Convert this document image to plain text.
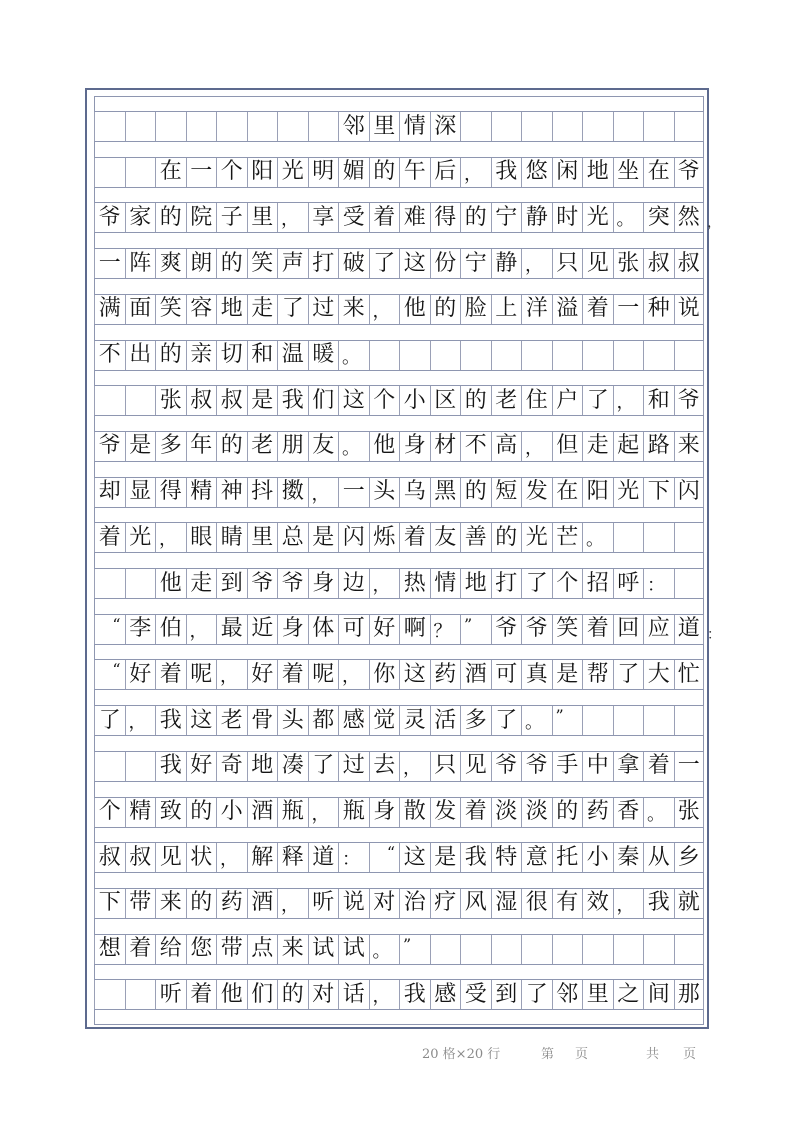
邻 里 情 深
在 一 个 阳 光 明 媚 的 午 后 ， 我 悠 闲 地 坐 在 爷
爷 家 的 院 子 里 ， 享 受 着 难 得 的 宁 静 时 光 。 突 然
一 阵 爽 朗 的 笑 声 打 破 了 这 份 宁 静 ， 只 见 张 叔 叔
满 面 笑 容 地 走 了 过 来 ， 他 的 脸 上 洋 溢 着 一 种 说
不 出 的 亲 切 和 温 暖 。
张 叔 叔 是 我 们 这 个 小 区 的 老 住 户 了 ， 和 爷
爷 是 多 年 的 老 朋 友 。 他 身 材 不 高 ， 但 走 起 路 来
却 显 得 精 神 抖 擞 ， 一 头 乌 黑 的 短 发 在 阳 光 下 闪
着 光 ， 眼 睛 里 总 是 闪 烁 着 友 善 的 光 芒 。
他 走 到 爷 爷 身 边 ， 热 情 地 打 了 个 招 呼 ：
“ 李 伯 ， 最 近 身 体 可 好 啊 ？ ”	爷 爷 笑 着 回 应 道
“ 好 着 呢 ， 好 着 呢 ， 你 这 药 酒 可 真 是 帮 了 大 忙
了 ， 我 这 老 骨 头 都 感 觉 灵 活 多 了 。 ”
我 好 奇 地 凑 了 过 去 ， 只 见 爷 爷 手 中 拿 着 一
个 精 致 的 小 酒 瓶 ， 瓶 身 散 发 着 淡 淡 的 药 香 。 张
叔 叔 见 状 ， 解 释 道 ：	“ 这 是 我 特 意 托 小 秦 从 乡
下 带 来 的 药 酒 ， 听 说 对 治 疗 风 湿 很 有 效 ， 我 就
想 着 给 您 带 点 来 试 试 。 ”
听 着 他 们 的 对 话 ， 我 感 受 到 了 邻 里 之 间 那
20 格×20 行	第 页	共 页
，
：
